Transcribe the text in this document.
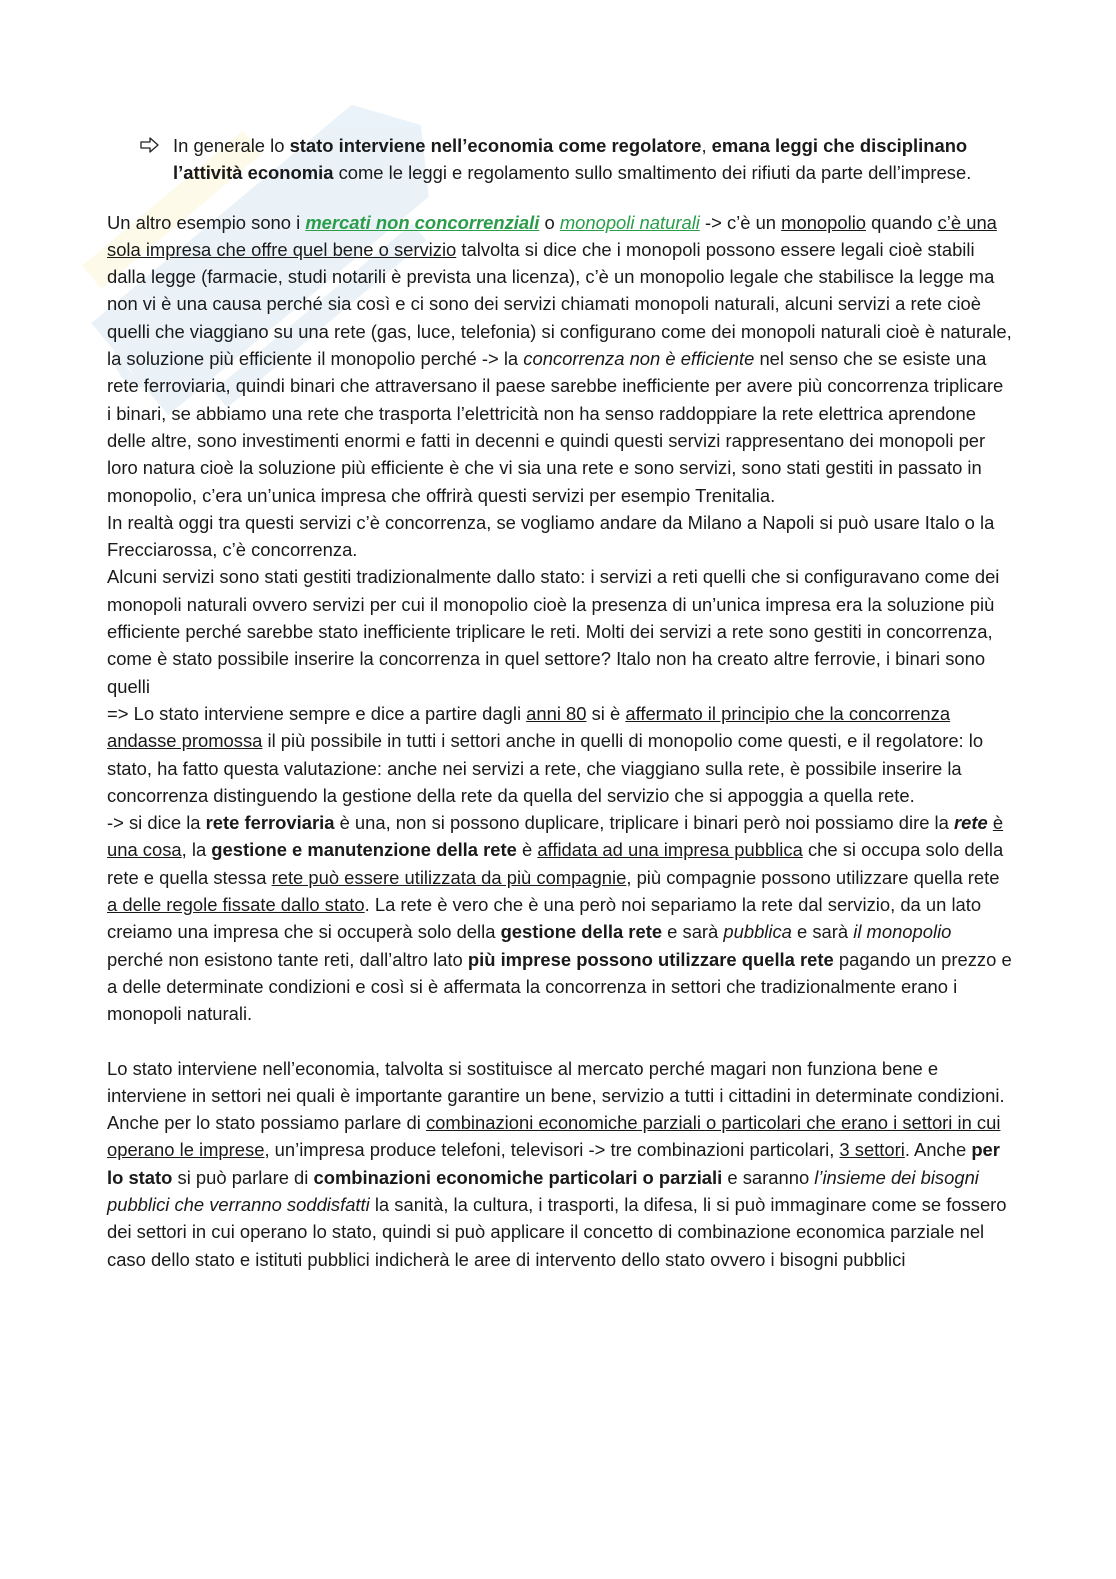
In generale lo stato interviene nell’economia come regolatore, emana leggi che disciplinano l’attività economia come le leggi e regolamento sullo smaltimento dei rifiuti da parte dell’imprese.

Un altro esempio sono i mercati non concorrenziali o monopoli naturali -> c’è un monopolio quando c’è una sola impresa che offre quel bene o servizio talvolta si dice che i monopoli possono essere legali cioè stabili dalla legge (farmacie, studi notarili è prevista una licenza), c’è un monopolio legale che stabilisce la legge ma non vi è una causa perché sia così e ci sono dei servizi chiamati monopoli naturali, alcuni servizi a rete cioè quelli che viaggiano su una rete (gas, luce, telefonia) si configurano come dei monopoli naturali cioè è naturale, la soluzione più efficiente il monopolio perché -> la concorrenza non è efficiente nel senso che se esiste una rete ferroviaria, quindi binari che attraversano il paese sarebbe inefficiente per avere più concorrenza triplicare i binari, se abbiamo una rete che trasporta l’elettricità non ha senso raddoppiare la rete elettrica aprendone delle altre, sono investimenti enormi e fatti in decenni e quindi questi servizi rappresentano dei monopoli per loro natura cioè la soluzione più efficiente è che vi sia una rete e sono servizi, sono stati gestiti in passato in monopolio, c’era un’unica impresa che offrirà questi servizi per esempio Trenitalia.

In realtà oggi tra questi servizi c’è concorrenza, se vogliamo andare da Milano a Napoli si può usare Italo o la Frecciarossa, c’è concorrenza.

Alcuni servizi sono stati gestiti tradizionalmente dallo stato: i servizi a reti quelli che si configuravano come dei monopoli naturali ovvero servizi per cui il monopolio cioè la presenza di un’unica impresa era la soluzione più efficiente perché sarebbe stato inefficiente triplicare le reti. Molti dei servizi a rete sono gestiti in concorrenza, come è stato possibile inserire la concorrenza in quel settore? Italo non ha creato altre ferrovie, i binari sono quelli

=> Lo stato interviene sempre e dice a partire dagli anni 80 si è affermato il principio che la concorrenza andasse promossa il più possibile in tutti i settori anche in quelli di monopolio come questi, e il regolatore: lo stato, ha fatto questa valutazione: anche nei servizi a rete, che viaggiano sulla rete, è possibile inserire la concorrenza distinguendo la gestione della rete da quella del servizio che si appoggia a quella rete.

-> si dice la rete ferroviaria è una, non si possono duplicare, triplicare i binari però noi possiamo dire la rete è una cosa, la gestione e manutenzione della rete è affidata ad una impresa pubblica che si occupa solo della rete e quella stessa rete può essere utilizzata da più compagnie, più compagnie possono utilizzare quella rete a delle regole fissate dallo stato. La rete è vero che è una però noi separiamo la rete dal servizio, da un lato creiamo una impresa che si occuperà solo della gestione della rete e sarà pubblica e sarà il monopolio perché non esistono tante reti, dall’altro lato più imprese possono utilizzare quella rete pagando un prezzo e a delle determinate condizioni e così si è affermata la concorrenza in settori che tradizionalmente erano i monopoli naturali.

Lo stato interviene nell’economia, talvolta si sostituisce al mercato perché magari non funziona bene e interviene in settori nei quali è importante garantire un bene, servizio a tutti i cittadini in determinate condizioni. Anche per lo stato possiamo parlare di combinazioni economiche parziali o particolari che erano i settori in cui operano le imprese, un’impresa produce telefoni, televisori -> tre combinazioni particolari, 3 settori. Anche per lo stato si può parlare di combinazioni economiche particolari o parziali e saranno l’insieme dei bisogni pubblici che verranno soddisfatti la sanità, la cultura, i trasporti, la difesa, li si può immaginare come se fossero dei settori in cui operano lo stato, quindi si può applicare il concetto di combinazione economica parziale nel caso dello stato e istituti pubblici indicherà le aree di intervento dello stato ovvero i bisogni pubblici
